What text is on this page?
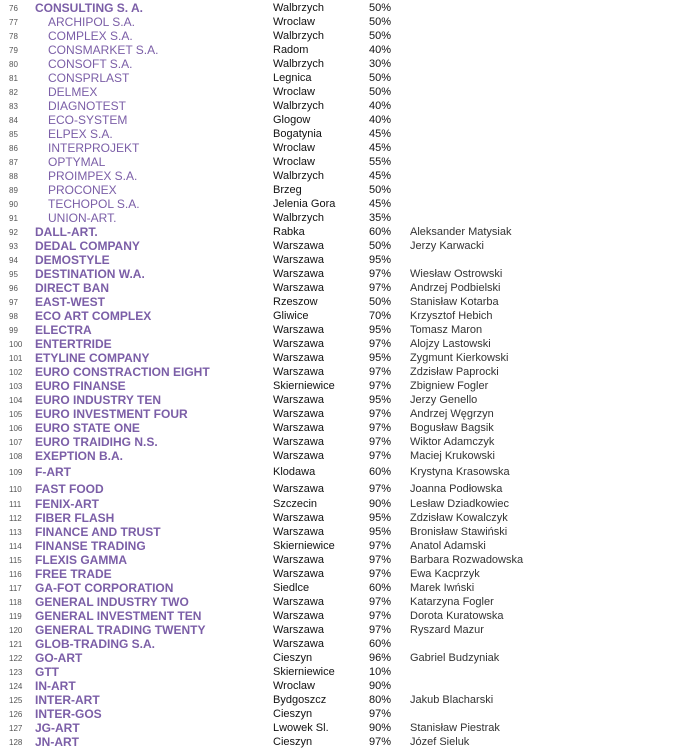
76 CONSULTING S. A.	Walbrzych	50%
77	ARCHIPOL S.A.	Wroclaw	50%
78	COMPLEX S.A.	Walbrzych	50%
79	CONSMARKET S.A.	Radom	40%
80	CONSOFT S.A.	Walbrzych	30%
81	CONSPRLAST	Legnica	50%
82	DELMEX	Wroclaw	50%
83	DIAGNOTEST	Walbrzych	40%
84	ECO-SYSTEM	Glogow	40%
85	ELPEX S.A.	Bogatynia	45%
86	INTERPROJEKT	Wroclaw	45%
87	OPTYMAL	Wroclaw	55%
88	PROIMPEX S.A.	Walbrzych	45%
89	PROCONEX	Brzeg	50%
90	TECHOPOL S.A.	Jelenia Gora	45%
91	UNION-ART.	Walbrzych	35%
92 DALL-ART.	Rabka	60% Aleksander Matysiak
93 DEDAL COMPANY	Warszawa	50% Jerzy Karwacki
94 DEMOSTYLE	Warszawa	95%
95 DESTINATION W.A.	Warszawa	97% Wiesław Ostrowski
96 DIRECT BAN	Warszawa	97% Andrzej Podbielski
97 EAST-WEST	Rzeszow	50% Stanisław Kotarba
98 ECO ART COMPLEX	Gliwice	70% Krzysztof Hebich
99 ELECTRA	Warszawa	95% Tomasz Maron
100 ENTERTRIDE	Warszawa	97% Alojzy Lastowski
101 ETYLINE COMPANY	Warszawa	95% Zygmunt Kierkowski
102 EURO CONSTRACTION EIGHT	Warszawa	97% Zdzisław Paprocki
103 EURO FINANSE	Skierniewice	97% Zbigniew Fogler
104 EURO INDUSTRY TEN	Warszawa	95% Jerzy Genello
105 EURO INVESTMENT FOUR	Warszawa	97% Andrzej Węgrzyn
106 EURO STATE ONE	Warszawa	97% Bogusław Bagsik
107 EURO TRAIDIHG N.S.	Warszawa	97% Wiktor Adamczyk
108 EXEPTION B.A.	Warszawa	97% Maciej Krukowski
109 F-ART	Klodawa	60% Krystyna Krasowska
110 FAST FOOD	Warszawa	97% Joanna Podłowska
111 FENIX-ART	Szczecin	90% Lesław Dziadkowiec
112 FIBER FLASH	Warszawa	95% Zdzisław Kowalczyk
113 FINANCE AND TRUST	Warszawa	95% Bronisław Stawiński
114 FINANSE TRADING	Skierniewice	97% Anatol Adamski
115 FLEXIS GAMMA	Warszawa	97% Barbara Rozwadowska
116 FREE TRADE	Warszawa	97% Ewa Kacprzyk
117 GA-FOT CORPORATION	Siedlce	60% Marek Iwński
118 GENERAL INDUSTRY TWO	Warszawa	97% Katarzyna Fogler
119 GENERAL INVESTMENT TEN	Warszawa	97% Dorota Kuratowska
120 GENERAL TRADING TWENTY	Warszawa	97% Ryszard Mazur
121 GLOB-TRADING S.A.	Warszawa	60%
122 GO-ART	Cieszyn	96% Gabriel Budzyniak
123 GTT	Skierniewice	10%
124 IN-ART	Wroclaw	90%
125 INTER-ART	Bydgoszcz	80% Jakub Blacharski
126 INTER-GOS	Cieszyn	97%
127 JG-ART	Lwowek Sl.	90% Stanisław Piestrak
128 JN-ART	Cieszyn	97% Józef Sieluk
